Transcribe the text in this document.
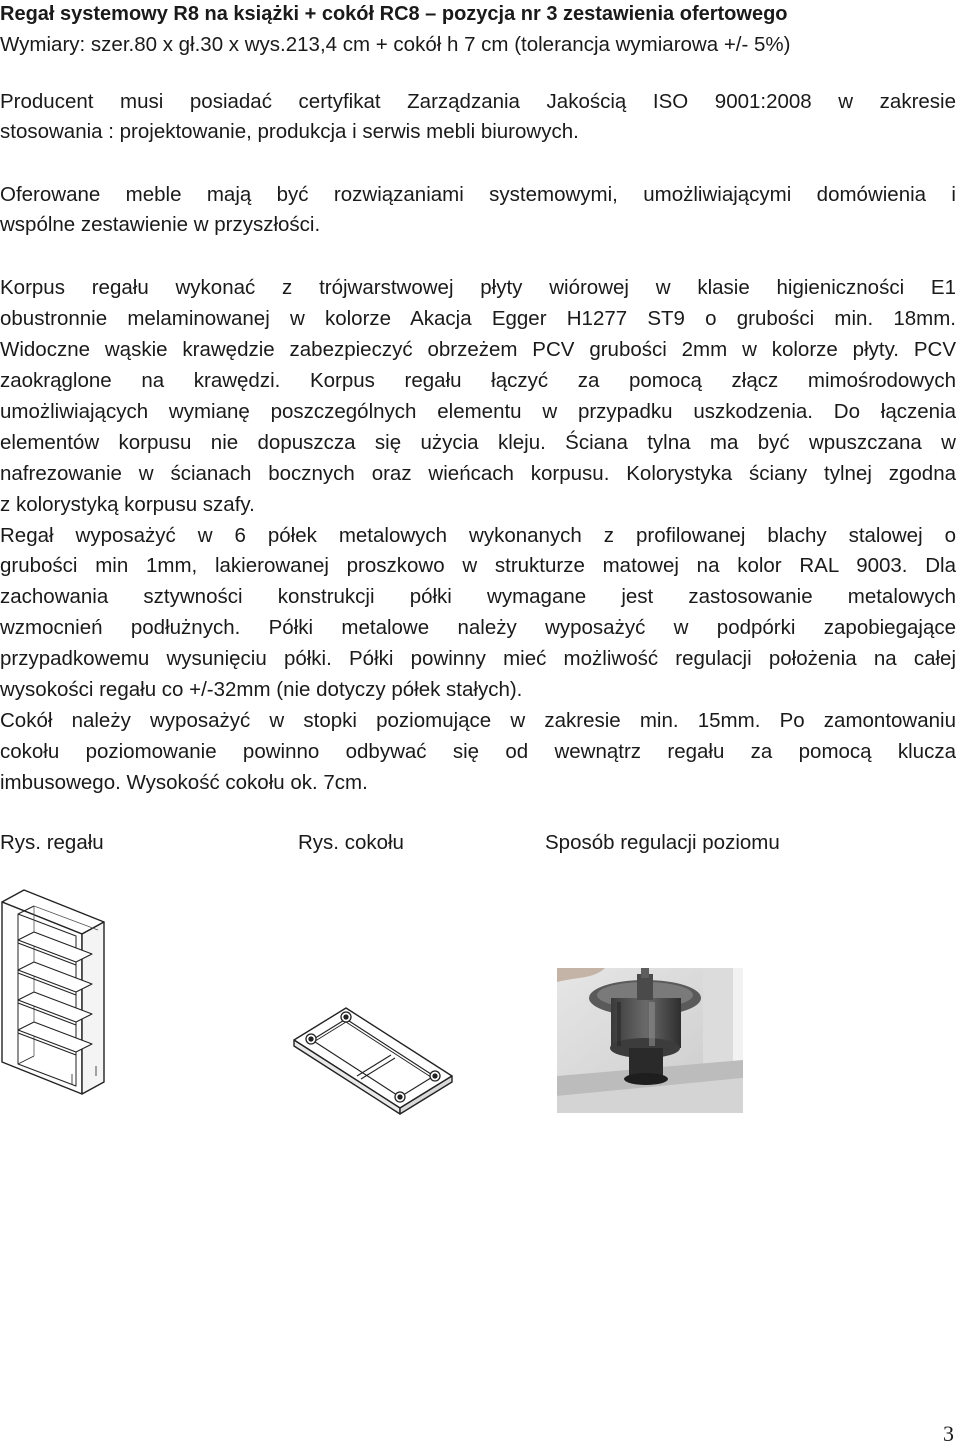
Regał systemowy R8 na książki + cokół RC8 – pozycja nr 3 zestawienia ofertowego

Wymiary: szer.80 x gł.30 x wys.213,4 cm + cokół h 7 cm (tolerancja wymiarowa +/- 5%)

Producent musi posiadać certyfikat Zarządzania Jakością ISO 9001:2008 w zakresie

stosowania : projektowanie, produkcja i serwis mebli biurowych.

Oferowane meble mają być rozwiązaniami systemowymi, umożliwiającymi domówienia i

wspólne zestawienie w przyszłości.

Korpus regału wykonać z trójwarstwowej płyty wiórowej w klasie higieniczności E1

obustronnie melaminowanej w kolorze Akacja Egger H1277 ST9 o grubości min. 18mm.

Widoczne wąskie krawędzie zabezpieczyć obrzeżem PCV grubości 2mm w kolorze płyty. PCV

zaokrąglone na krawędzi. Korpus regału łączyć za pomocą złącz mimośrodowych

umożliwiających wymianę poszczególnych elementu w przypadku uszkodzenia. Do łączenia

elementów korpusu nie dopuszcza się użycia kleju. Ściana tylna ma być wpuszczana w

nafrezowanie w ścianach bocznych oraz wieńcach korpusu. Kolorystyka ściany tylnej zgodna

z kolorystyką korpusu szafy.

Regał wyposażyć w 6 półek metalowych wykonanych z profilowanej blachy stalowej o

grubości min 1mm, lakierowanej proszkowo w strukturze matowej na kolor RAL 9003. Dla

zachowania sztywności konstrukcji półki wymagane jest zastosowanie metalowych

wzmocnień podłużnych. Półki metalowe należy wyposażyć w podpórki zapobiegające

przypadkowemu wysunięciu półki. Półki powinny mieć możliwość regulacji położenia na całej

wysokości regału co +/-32mm (nie dotyczy półek stałych).

Cokół należy wyposażyć w stopki poziomujące w zakresie min. 15mm. Po zamontowaniu

cokołu poziomowanie powinno odbywać się od wewnątrz regału za pomocą klucza

imbusowego. Wysokość cokołu ok. 7cm.

Rys. regału	Rys. cokołu	Sposób regulacji poziomu
3
